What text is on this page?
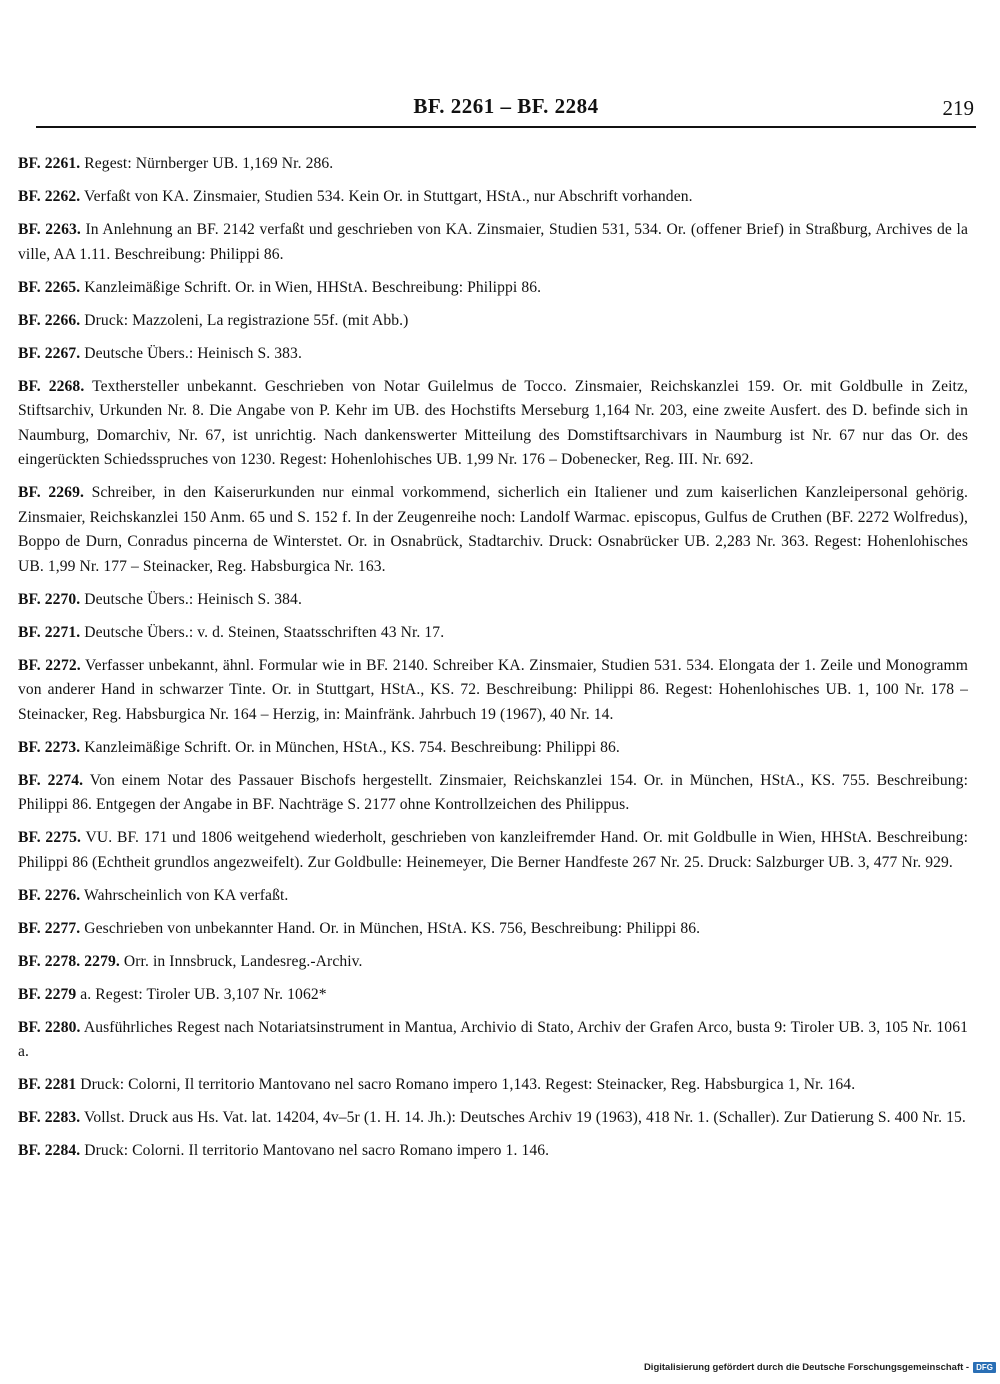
BF. 2261 – BF. 2284	219

BF. 2261. Regest: Nürnberger UB. 1,169 Nr. 286.

BF. 2262. Verfaßt von KA. Zinsmaier, Studien 534. Kein Or. in Stuttgart, HStA., nur Abschrift vorhanden.

BF. 2263. In Anlehnung an BF. 2142 verfaßt und geschrieben von KA. Zinsmaier, Studien 531, 534. Or. (offener Brief) in Straßburg, Archives de la ville, AA 1.11. Beschreibung: Philippi 86.

BF. 2265. Kanzleimäßige Schrift. Or. in Wien, HHStA. Beschreibung: Philippi 86.

BF. 2266. Druck: Mazzoleni, La registrazione 55f. (mit Abb.)

BF. 2267. Deutsche Übers.: Heinisch S. 383.

BF. 2268. Texthersteller unbekannt. Geschrieben von Notar Guilelmus de Tocco. Zinsmaier, Reichskanzlei 159. Or. mit Goldbulle in Zeitz, Stiftsarchiv, Urkunden Nr. 8. Die Angabe von P. Kehr im UB. des Hochstifts Merseburg 1,164 Nr. 203, eine zweite Ausfert. des D. befinde sich in Naumburg, Domarchiv, Nr. 67, ist unrichtig. Nach dankenswerter Mitteilung des Domstiftsarchivars in Naumburg ist Nr. 67 nur das Or. des eingerückten Schiedsspruches von 1230. Regest: Hohenlohisches UB. 1,99 Nr. 176 – Dobenecker, Reg. III. Nr. 692.

BF. 2269. Schreiber, in den Kaiserurkunden nur einmal vorkommend, sicherlich ein Italiener und zum kaiserlichen Kanzleipersonal gehörig. Zinsmaier, Reichskanzlei 150 Anm. 65 und S. 152 f. In der Zeugenreihe noch: Landolf Warmac. episcopus, Gulfus de Cruthen (BF. 2272 Wolfredus), Boppo de Durn, Conradus pincerna de Winterstet. Or. in Osnabrück, Stadtarchiv. Druck: Osnabrücker UB. 2,283 Nr. 363. Regest: Hohenlohisches UB. 1,99 Nr. 177 – Steinacker, Reg. Habsburgica Nr. 163.

BF. 2270. Deutsche Übers.: Heinisch S. 384.

BF. 2271. Deutsche Übers.: v. d. Steinen, Staatsschriften 43 Nr. 17.

BF. 2272. Verfasser unbekannt, ähnl. Formular wie in BF. 2140. Schreiber KA. Zinsmaier, Studien 531. 534. Elongata der 1. Zeile und Monogramm von anderer Hand in schwarzer Tinte. Or. in Stuttgart, HStA., KS. 72. Beschreibung: Philippi 86. Regest: Hohenlohisches UB. 1, 100 Nr. 178 – Steinacker, Reg. Habsburgica Nr. 164 – Herzig, in: Mainfränk. Jahrbuch 19 (1967), 40 Nr. 14.

BF. 2273. Kanzleimäßige Schrift. Or. in München, HStA., KS. 754. Beschreibung: Philippi 86.

BF. 2274. Von einem Notar des Passauer Bischofs hergestellt. Zinsmaier, Reichskanzlei 154. Or. in München, HStA., KS. 755. Beschreibung: Philippi 86. Entgegen der Angabe in BF. Nachträge S. 2177 ohne Kontrollzeichen des Philippus.

BF. 2275. VU. BF. 171 und 1806 weitgehend wiederholt, geschrieben von kanzleifremder Hand. Or. mit Goldbulle in Wien, HHStA. Beschreibung: Philippi 86 (Echtheit grundlos angezweifelt). Zur Goldbulle: Heinemeyer, Die Berner Handfeste 267 Nr. 25. Druck: Salzburger UB. 3, 477 Nr. 929.

BF. 2276. Wahrscheinlich von KA verfaßt.

BF. 2277. Geschrieben von unbekannter Hand. Or. in München, HStA. KS. 756, Beschreibung: Philippi 86.

BF. 2278. 2279. Orr. in Innsbruck, Landesreg.-Archiv.

BF. 2279 a. Regest: Tiroler UB. 3,107 Nr. 1062*

BF. 2280. Ausführliches Regest nach Notariatsinstrument in Mantua, Archivio di Stato, Archiv der Grafen Arco, busta 9: Tiroler UB. 3, 105 Nr. 1061 a.

BF. 2281 Druck: Colorni, Il territorio Mantovano nel sacro Romano impero 1,143. Regest: Steinacker, Reg. Habsburgica 1, Nr. 164.

BF. 2283. Vollst. Druck aus Hs. Vat. lat. 14204, 4v–5r (1. H. 14. Jh.): Deutsches Archiv 19 (1963), 418 Nr. 1. (Schaller). Zur Datierung S. 400 Nr. 15.

BF. 2284. Druck: Colorni. Il territorio Mantovano nel sacro Romano impero 1. 146.

Digitalisierung gefördert durch die Deutsche Forschungsgemeinschaft - DFG
